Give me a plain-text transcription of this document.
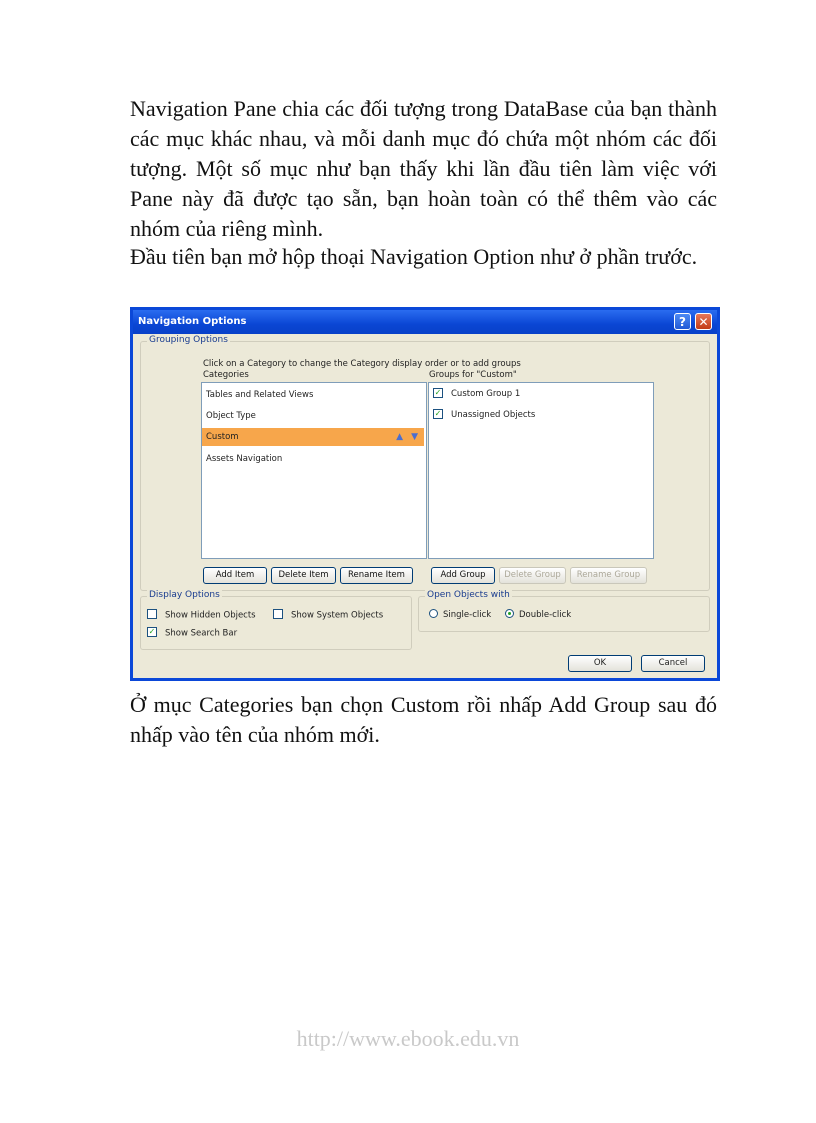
Navigation Pane chia các đối tượng trong DataBase của bạn thành các mục khác nhau, và mỗi danh mục đó chứa một nhóm các đối tượng. Một số mục như bạn thấy khi lần đầu tiên làm việc với Pane này đã được tạo sẵn, bạn hoàn toàn có thể thêm vào các nhóm của riêng mình.

Đầu tiên bạn mở hộp thoại Navigation Option như ở phần trước.

Navigation Options	?	✕
Grouping Options
Click on a Category to change the Category display order or to add groups
Categories	Groups for "Custom"
Tables and Related Views
Object Type
Custom	▲ ▼
Assets Navigation
✓ Custom Group 1
✓ Unassigned Objects
Add Item	Delete Item	Rename Item	Add Group	Delete Group	Rename Group
Display Options
Show Hidden Objects	Show System Objects
✓ Show Search Bar
Open Objects with
Single-click	Double-click
OK	Cancel

Ở mục Categories bạn chọn Custom rồi nhấp Add Group sau đó nhấp vào tên của nhóm mới.

http://www.ebook.edu.vn
